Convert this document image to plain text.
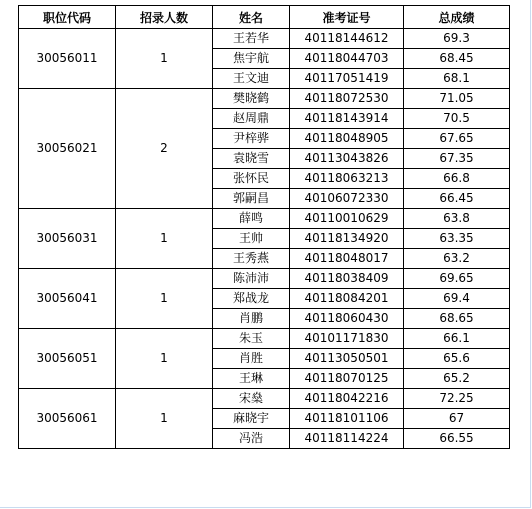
职位代码	招录人数	姓名	准考证号	总成绩
30056011	1	王若华	40118144612	69.3
		焦宇航	40118044703	68.45
		王文迪	40117051419	68.1
30056021	2	樊晓鹤	40118072530	71.05
		赵周鼎	40118143914	70.5
		尹梓骅	40118048905	67.65
		袁晓雪	40113043826	67.35
		张怀民	40118063213	66.8
		郭嗣昌	40106072330	66.45
30056031	1	薛鸣	40110010629	63.8
		王帅	40118134920	63.35
		王秀燕	40118048017	63.2
30056041	1	陈沛沛	40118038409	69.65
		郑战龙	40118084201	69.4
		肖鹏	40118060430	68.65
30056051	1	朱玉	40101171830	66.1
		肖胜	40113050501	65.6
		王琳	40118070125	65.2
30056061	1	宋燊	40118042216	72.25
		麻晓宇	40118101106	67
		冯浩	40118114224	66.55
